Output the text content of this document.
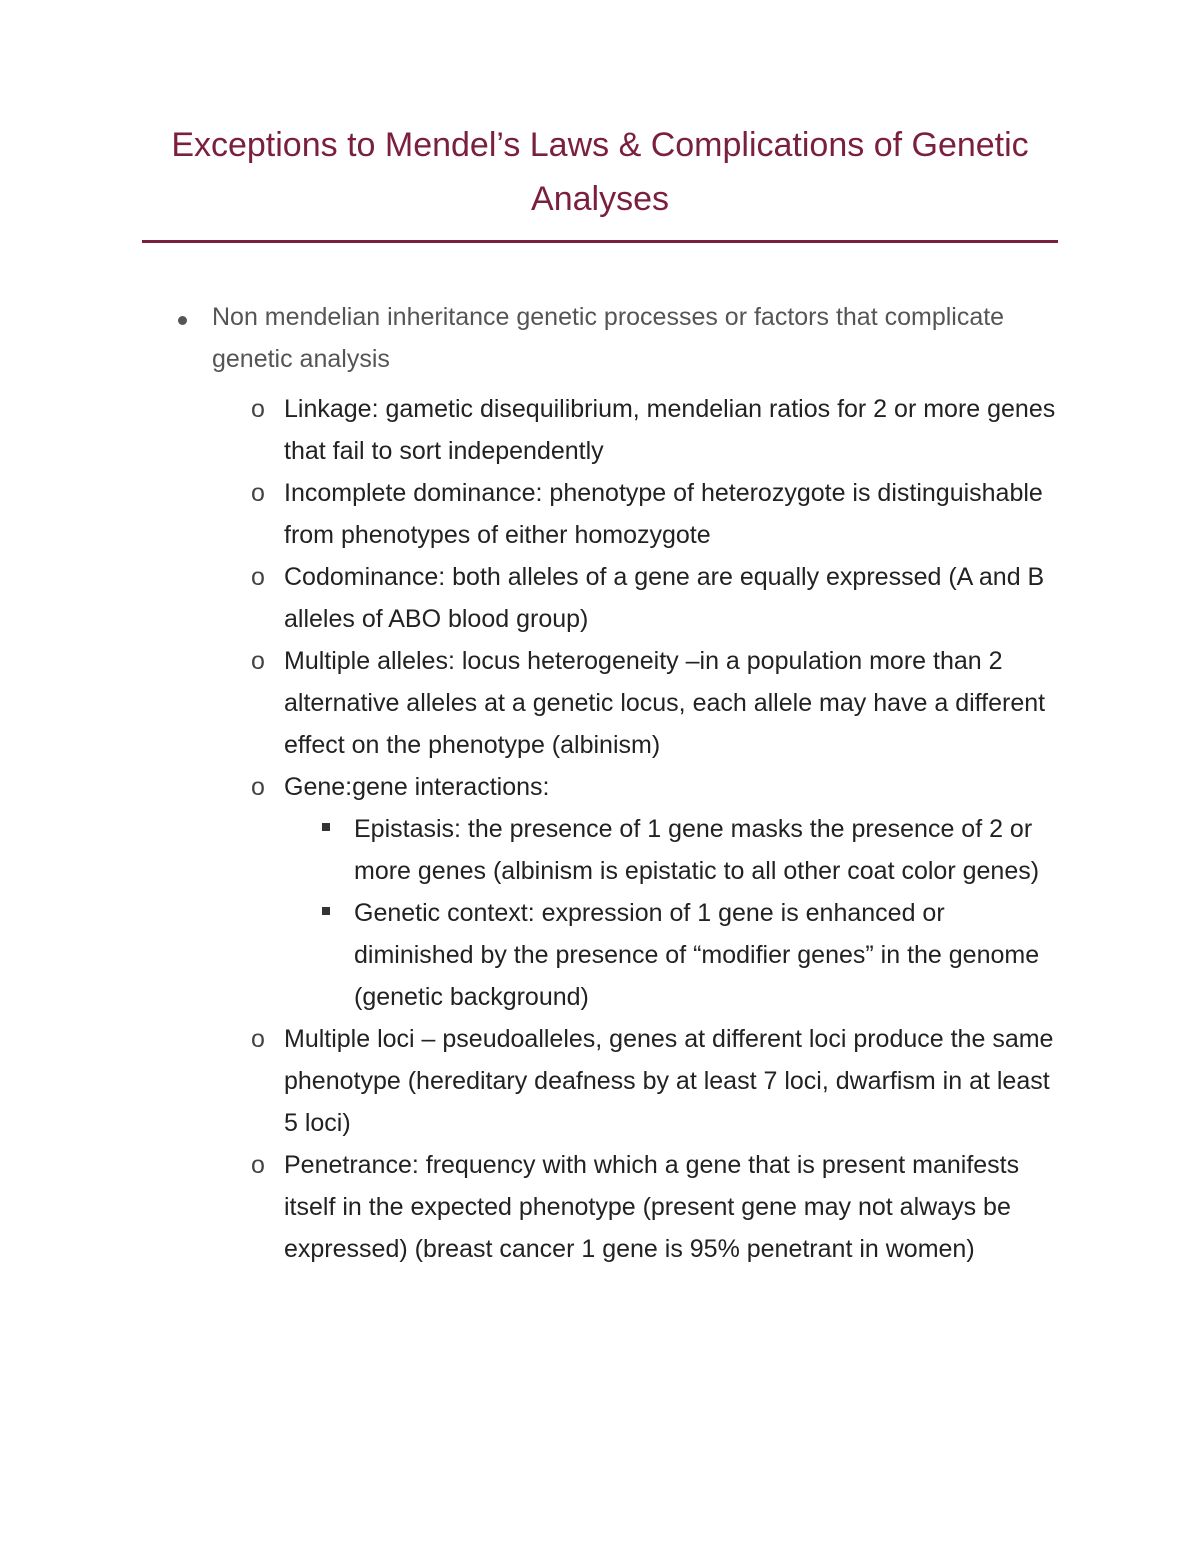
Exceptions to Mendel’s Laws & Complications of Genetic Analyses
Non mendelian inheritance genetic processes or factors that complicate genetic analysis
o Linkage: gametic disequilibrium, mendelian ratios for 2 or more genes that fail to sort independently
o Incomplete dominance: phenotype of heterozygote is distinguishable from phenotypes of either homozygote
o Codominance: both alleles of a gene are equally expressed (A and B alleles of ABO blood group)
o Multiple alleles: locus heterogeneity –in a population more than 2 alternative alleles at a genetic locus, each allele may have a different effect on the phenotype (albinism)
o Gene:gene interactions:
Epistasis: the presence of 1 gene masks the presence of 2 or more genes (albinism is epistatic to all other coat color genes)
Genetic context: expression of 1 gene is enhanced or diminished by the presence of “modifier genes” in the genome (genetic background)
o Multiple loci – pseudoalleles, genes at different loci produce the same phenotype (hereditary deafness by at least 7 loci, dwarfism in at least 5 loci)
o Penetrance: frequency with which a gene that is present manifests itself in the expected phenotype (present gene may not always be expressed) (breast cancer 1 gene is 95% penetrant in women)
